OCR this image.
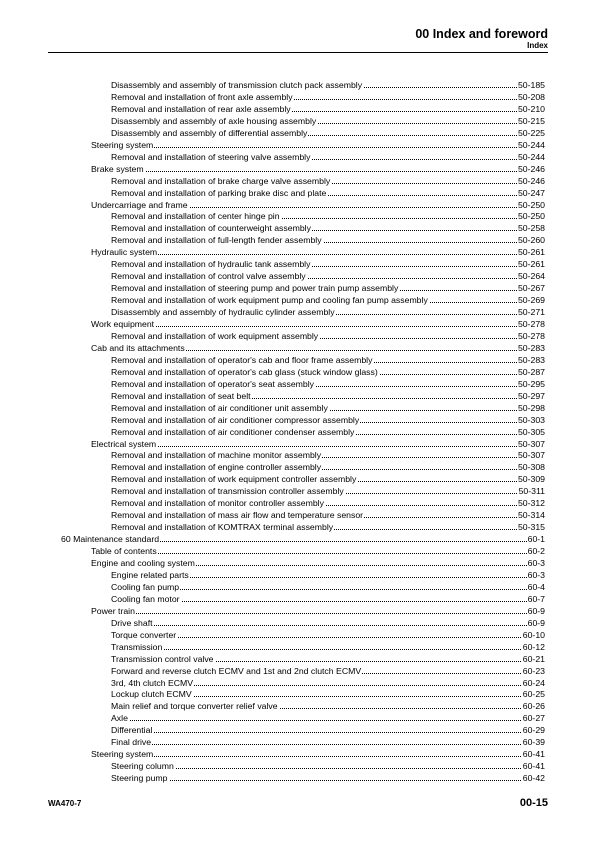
00 Index and foreword
Index
Disassembly and assembly of transmission clutch pack assembly	50-185
Removal and installation of front axle assembly	50-208
Removal and installation of rear axle assembly	50-210
Disassembly and assembly of axle housing assembly	50-215
Disassembly and assembly of differential assembly	50-225
Steering system	50-244
Removal and installation of steering valve assembly	50-244
Brake system	50-246
Removal and installation of brake charge valve assembly	50-246
Removal and installation of parking brake disc and plate	50-247
Undercarriage and frame	50-250
Removal and installation of center hinge pin	50-250
Removal and installation of counterweight assembly	50-258
Removal and installation of full-length fender assembly	50-260
Hydraulic system	50-261
Removal and installation of hydraulic tank assembly	50-261
Removal and installation of control valve assembly	50-264
Removal and installation of steering pump and power train pump assembly	50-267
Removal and installation of work equipment pump and cooling fan pump assembly	50-269
Disassembly and assembly of hydraulic cylinder assembly	50-271
Work equipment	50-278
Removal and installation of work equipment assembly	50-278
Cab and its attachments	50-283
Removal and installation of operator's cab and floor frame assembly	50-283
Removal and installation of operator's cab glass (stuck window glass)	50-287
Removal and installation of operator's seat assembly	50-295
Removal and installation of seat belt	50-297
Removal and installation of air conditioner unit assembly	50-298
Removal and installation of air conditioner compressor assembly	50-303
Removal and installation of air conditioner condenser assembly	50-305
Electrical system	50-307
Removal and installation of machine monitor assembly	50-307
Removal and installation of engine controller assembly	50-308
Removal and installation of work equipment controller assembly	50-309
Removal and installation of transmission controller assembly	50-311
Removal and installation of monitor controller assembly	50-312
Removal and installation of mass air flow and temperature sensor	50-314
Removal and installation of KOMTRAX terminal assembly	50-315
60 Maintenance standard	60-1
Table of contents	60-2
Engine and cooling system	60-3
Engine related parts	60-3
Cooling fan pump	60-4
Cooling fan motor	60-7
Power train	60-9
Drive shaft	60-9
Torque converter	60-10
Transmission	60-12
Transmission control valve	60-21
Forward and reverse clutch ECMV and 1st and 2nd clutch ECMV	60-23
3rd, 4th clutch ECMV	60-24
Lockup clutch ECMV	60-25
Main relief and torque converter relief valve	60-26
Axle	60-27
Differential	60-29
Final drive	60-39
Steering system	60-41
Steering column	60-41
Steering pump	60-42
WA470-7	00-15
